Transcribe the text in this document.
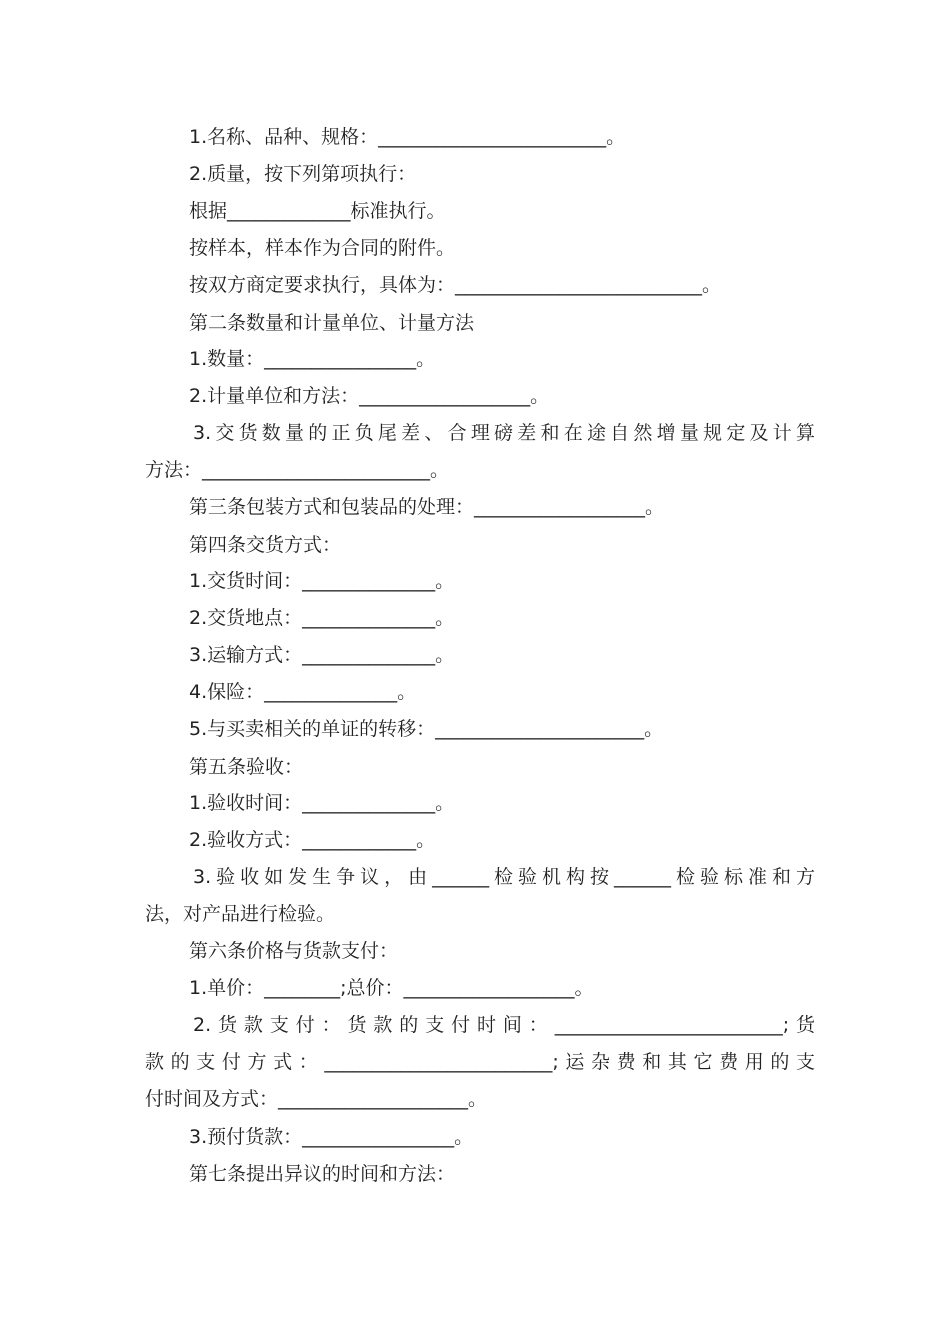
1.名称、品种、规格：________________________。
2.质量，按下列第项执行：
根据_____________标准执行。
按样本，样本作为合同的附件。
按双方商定要求执行，具体为：__________________________。
第二条数量和计量单位、计量方法
1.数量：________________。
2.计量单位和方法：__________________。
3.交货数量的正负尾差、合理磅差和在途自然增量规定及计算
方法：________________________。
第三条包装方式和包装品的处理：__________________。
第四条交货方式：
1.交货时间：______________。
2.交货地点：______________。
3.运输方式：______________。
4.保险：______________。
5.与买卖相关的单证的转移：______________________。
第五条验收：
1.验收时间：______________。
2.验收方式：____________。
3.验收如发生争议，由______检验机构按______检验标准和方
法，对产品进行检验。
第六条价格与货款支付：
1.单价：________;总价：__________________。
2.货款支付：货款的支付时间：________________________;货
款的支付方式：________________________;运杂费和其它费用的支
付时间及方式：____________________。
3.预付货款：________________。
第七条提出异议的时间和方法：
